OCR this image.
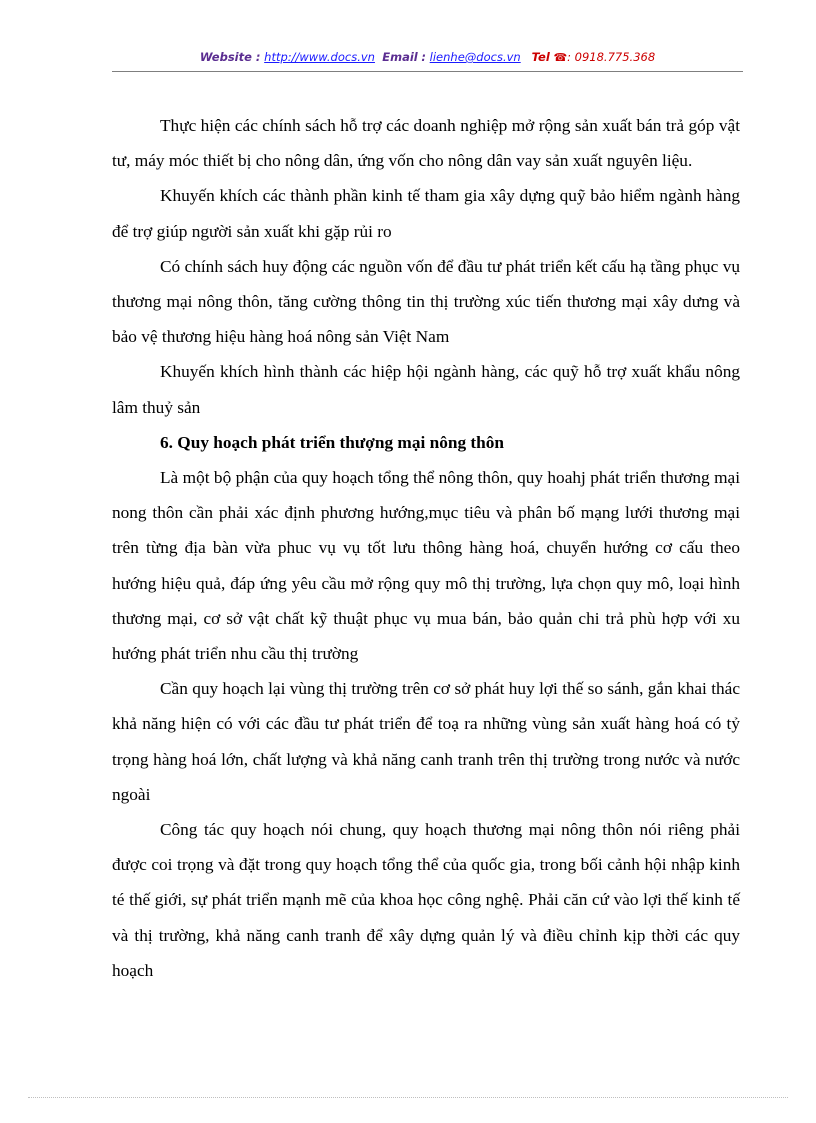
Website : http://www.docs.vn Email : lienhe@docs.vn Tel ☎: 0918.775.368

Thực hiện các chính sách hỗ trợ các doanh nghiệp mở rộng sản xuất bán trả góp vật tư, máy móc thiết bị cho nông dân, ứng vốn cho nông dân vay sản xuất nguyên liệu.

Khuyến khích các thành phần kinh tế tham gia xây dựng quỹ bảo hiểm ngành hàng để trợ giúp người sản xuất khi gặp rủi ro

Có chính sách huy động các nguồn vốn để đầu tư phát triển kết cấu hạ tầng phục vụ thương mại nông thôn, tăng cường thông tin thị trường xúc tiến thương mại xây dưng và bảo vệ thương hiệu hàng hoá nông sản Việt Nam

Khuyến khích hình thành các hiệp hội ngành hàng, các quỹ hỗ trợ xuất khẩu nông lâm thuỷ sản

6. Quy hoạch phát triển thượng mại nông thôn

Là một bộ phận của quy hoạch tổng thể nông thôn, quy hoahj phát triển thương mại nong thôn cần phải xác định phương hướng,mục tiêu và phân bố mạng lưới thương mại trên từng địa bàn vừa phuc vụ vụ tốt lưu thông hàng hoá, chuyển hướng cơ cấu theo hướng hiệu quả, đáp ứng yêu cầu mở rộng quy mô thị trường, lựa chọn quy mô, loại hình thương mại, cơ sở vật chất kỹ thuật phục vụ mua bán, bảo quản chi trả phù hợp với xu hướng phát triển nhu cầu thị trường

Cần quy hoạch lại vùng thị trường trên cơ sở phát huy lợi thế so sánh, gắn khai thác khả năng hiện có với các đầu tư phát triển để toạ ra những vùng sản xuất hàng hoá có tỷ trọng hàng hoá lớn, chất lượng và khả năng canh tranh trên thị trường trong nước và nước ngoài

Công tác quy hoạch nói chung, quy hoạch thương mại nông thôn nói riêng phải được coi trọng và đặt trong quy hoạch tổng thể của quốc gia, trong bối cảnh hội nhập kinh té thế giới, sự phát triển mạnh mẽ của khoa học công nghệ. Phải căn cứ vào lợi thế kinh tế và thị trường, khả năng canh tranh để xây dựng quản lý và điều chỉnh kịp thời các quy hoạch
